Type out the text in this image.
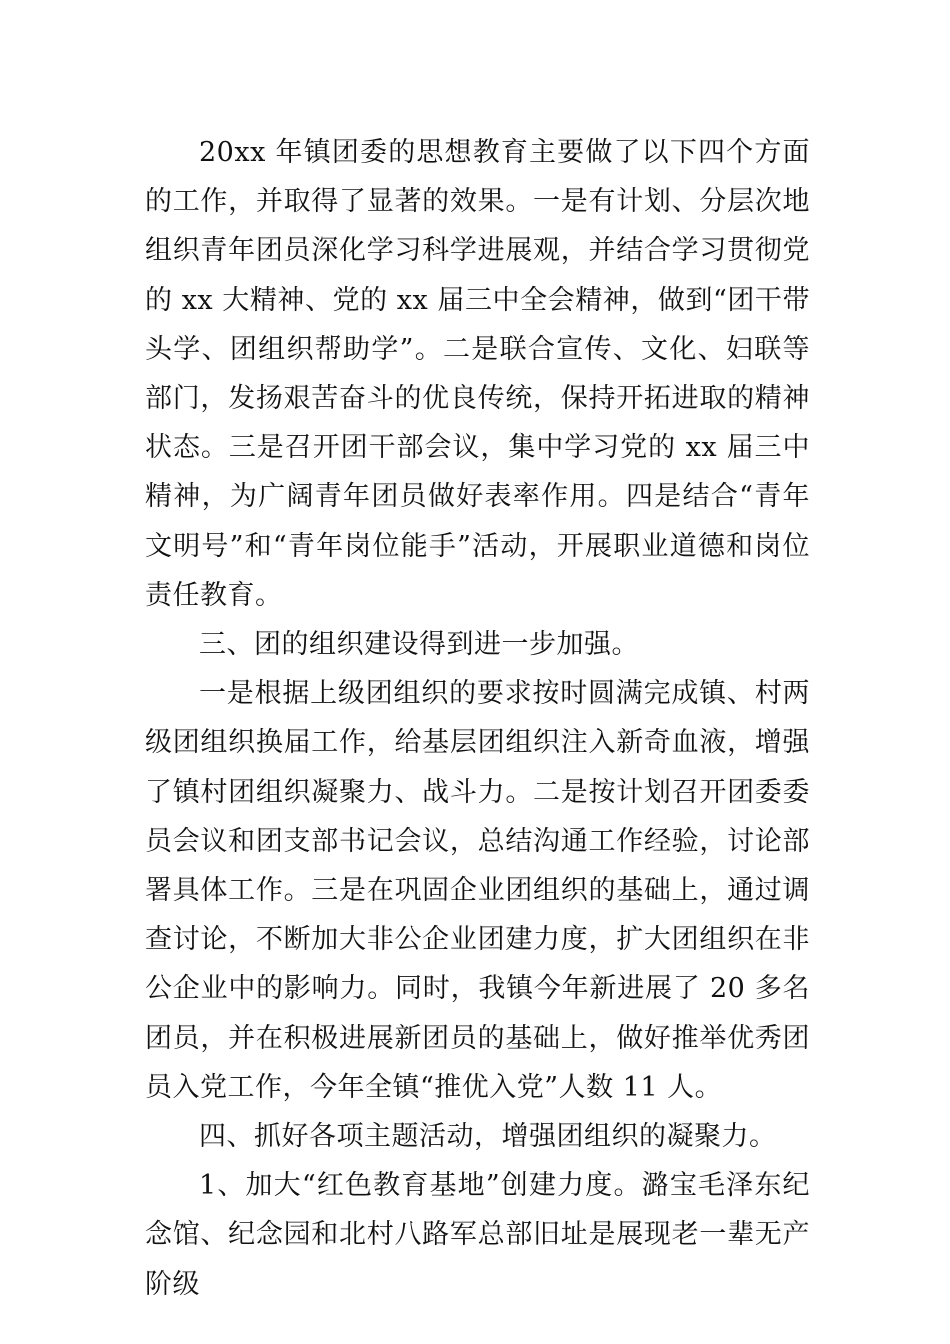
20xx 年镇团委的思想教育主要做了以下四个方面的工作，并取得了显著的效果。一是有计划、分层次地组织青年团员深化学习科学进展观，并结合学习贯彻党的 xx 大精神、党的 xx 届三中全会精神，做到“团干带头学、团组织帮助学”。二是联合宣传、文化、妇联等部门，发扬艰苦奋斗的优良传统，保持开拓进取的精神状态。三是召开团干部会议，集中学习党的 xx 届三中精神，为广阔青年团员做好表率作用。四是结合“青年文明号”和“青年岗位能手”活动，开展职业道德和岗位责任教育。

三、团的组织建设得到进一步加强。

一是根据上级团组织的要求按时圆满完成镇、村两级团组织换届工作，给基层团组织注入新奇血液，增强了镇村团组织凝聚力、战斗力。二是按计划召开团委委员会议和团支部书记会议，总结沟通工作经验，讨论部署具体工作。三是在巩固企业团组织的基础上，通过调查讨论，不断加大非公企业团建力度，扩大团组织在非公企业中的影响力。同时，我镇今年新进展了 20 多名团员，并在积极进展新团员的基础上，做好推举优秀团员入党工作，今年全镇“推优入党”人数 11 人。

四、抓好各项主题活动，增强团组织的凝聚力。

1、加大“红色教育基地”创建力度。潞宝毛泽东纪念馆、纪念园和北村八路军总部旧址是展现老一辈无产阶级
